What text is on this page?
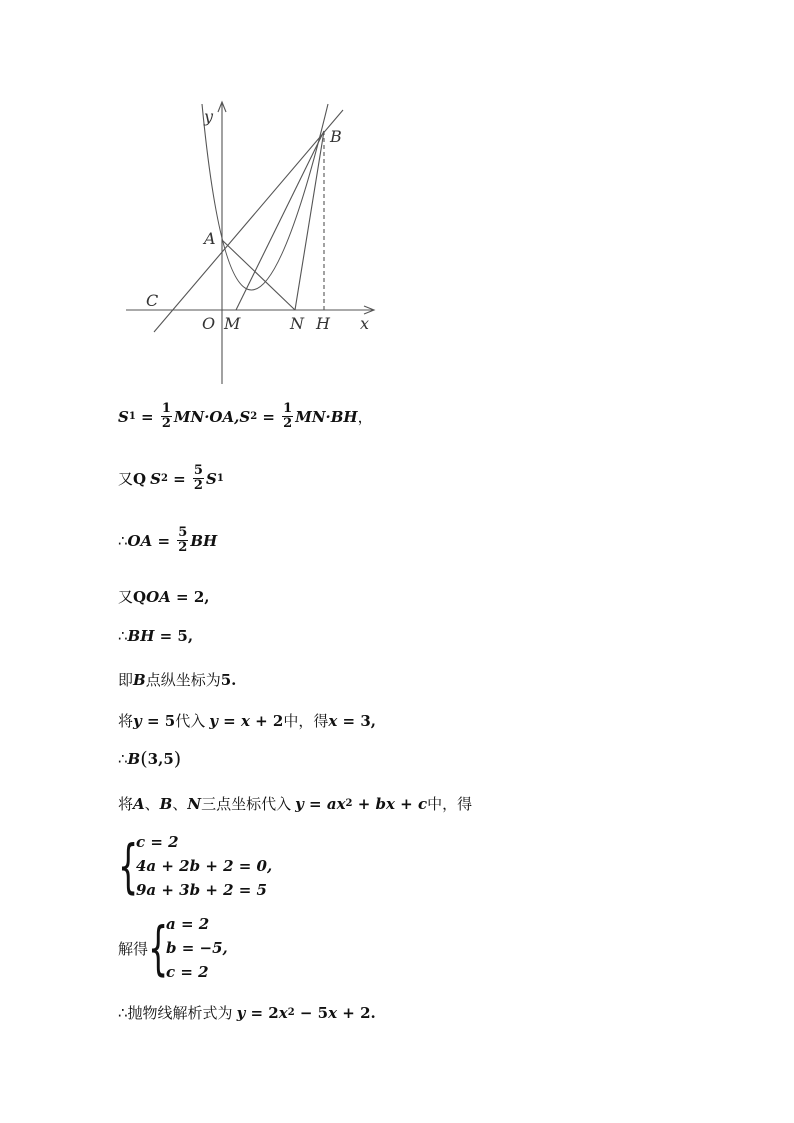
y
B
A
C
O M	N H x
S $1 = \frac{1}{2} MN\cdot OA$, S $2 = \frac{1}{2} MN\cdot BH$ ，
又 Q S $2 = \frac{5}{2}$ S 1
∴ OA = $\frac{5}{2}$ BH
又 Q OA = 2,
∴ BH = 5,
即 B 点纵坐标为 5.
将 y = 5 代入 y = x + 2 中，得 x = 3,
∴ B ( 3,5 )
将 A 、 B 、 N 三点坐标代入 y = ax 2 + bx + c 中，得
{
c = 2
4a + 2b + 2 = 0,
9a + 3b + 2 = 5
解得 {
a = 2
b = −5,
c = 2
∴ 抛物线解析式为 y = 2 x 2 − 5 x + 2.
